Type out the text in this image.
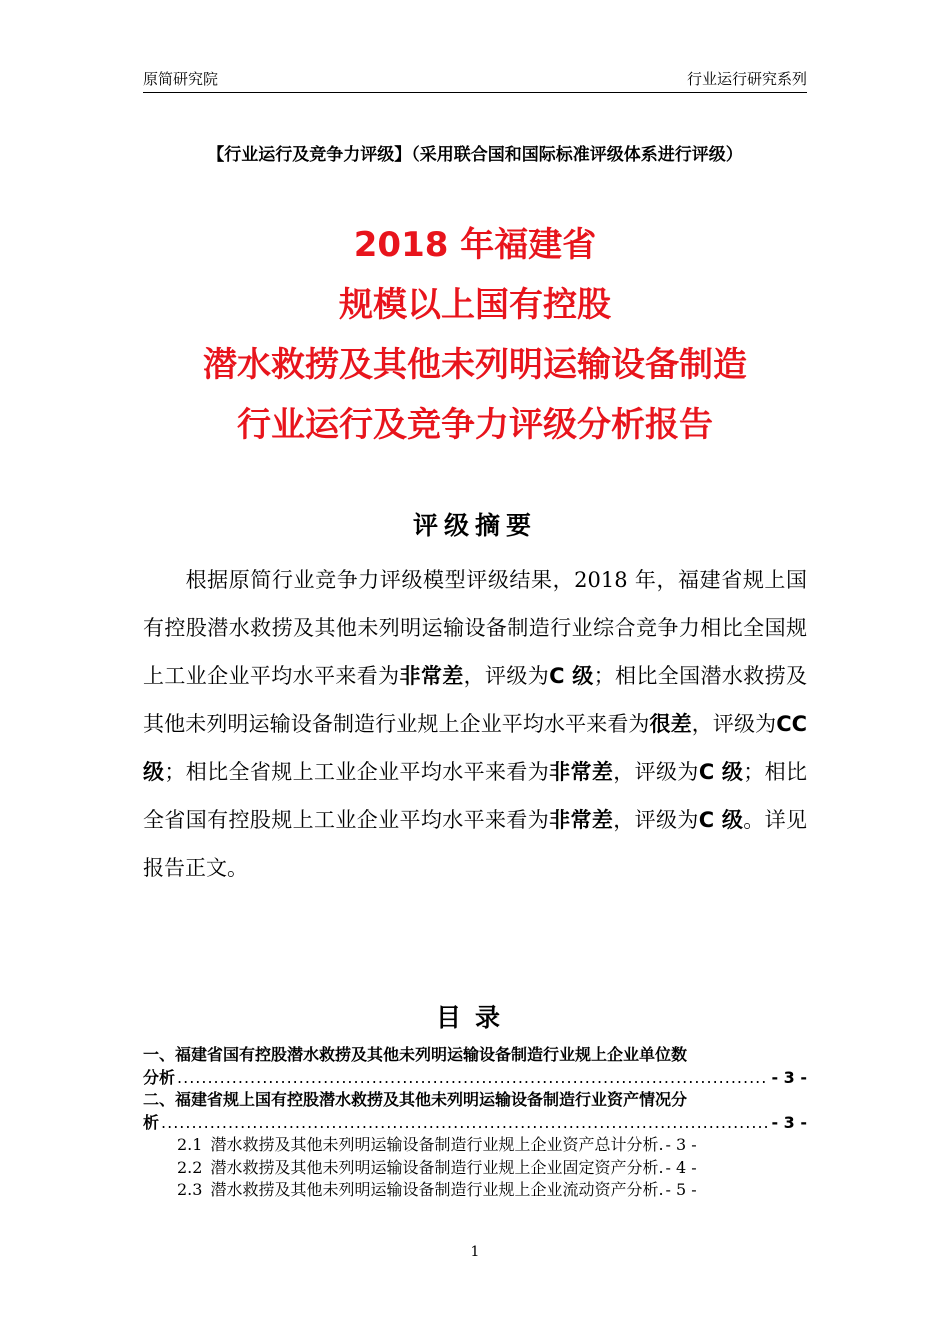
原简研究院	行业运行研究系列
【行业运行及竞争力评级】（采用联合国和国际标准评级体系进行评级）
2018 年福建省
规模以上国有控股
潜水救捞及其他未列明运输设备制造
行业运行及竞争力评级分析报告
评级摘要
根据原简行业竞争力评级模型评级结果，2018 年，福建省规上国有控股潜水救捞及其他未列明运输设备制造行业综合竞争力相比全国规上工业企业平均水平来看为非常差，评级为C 级；相比全国潜水救捞及其他未列明运输设备制造行业规上企业平均水平来看为很差，评级为CC 级；相比全省规上工业企业平均水平来看为非常差，评级为C 级；相比全省国有控股规上工业企业平均水平来看为非常差，评级为C 级。详见报告正文。
目录
一、福建省国有控股潜水救捞及其他未列明运输设备制造行业规上企业单位数
分析 .....	- 3 -
二、福建省规上国有控股潜水救捞及其他未列明运输设备制造行业资产情况分
析 .....	- 3 -
2.1 潜水救捞及其他未列明运输设备制造行业规上企业资产总计分析. - 3 -
2.2 潜水救捞及其他未列明运输设备制造行业规上企业固定资产分析. - 4 -
2.3 潜水救捞及其他未列明运输设备制造行业规上企业流动资产分析. - 5 -
1
